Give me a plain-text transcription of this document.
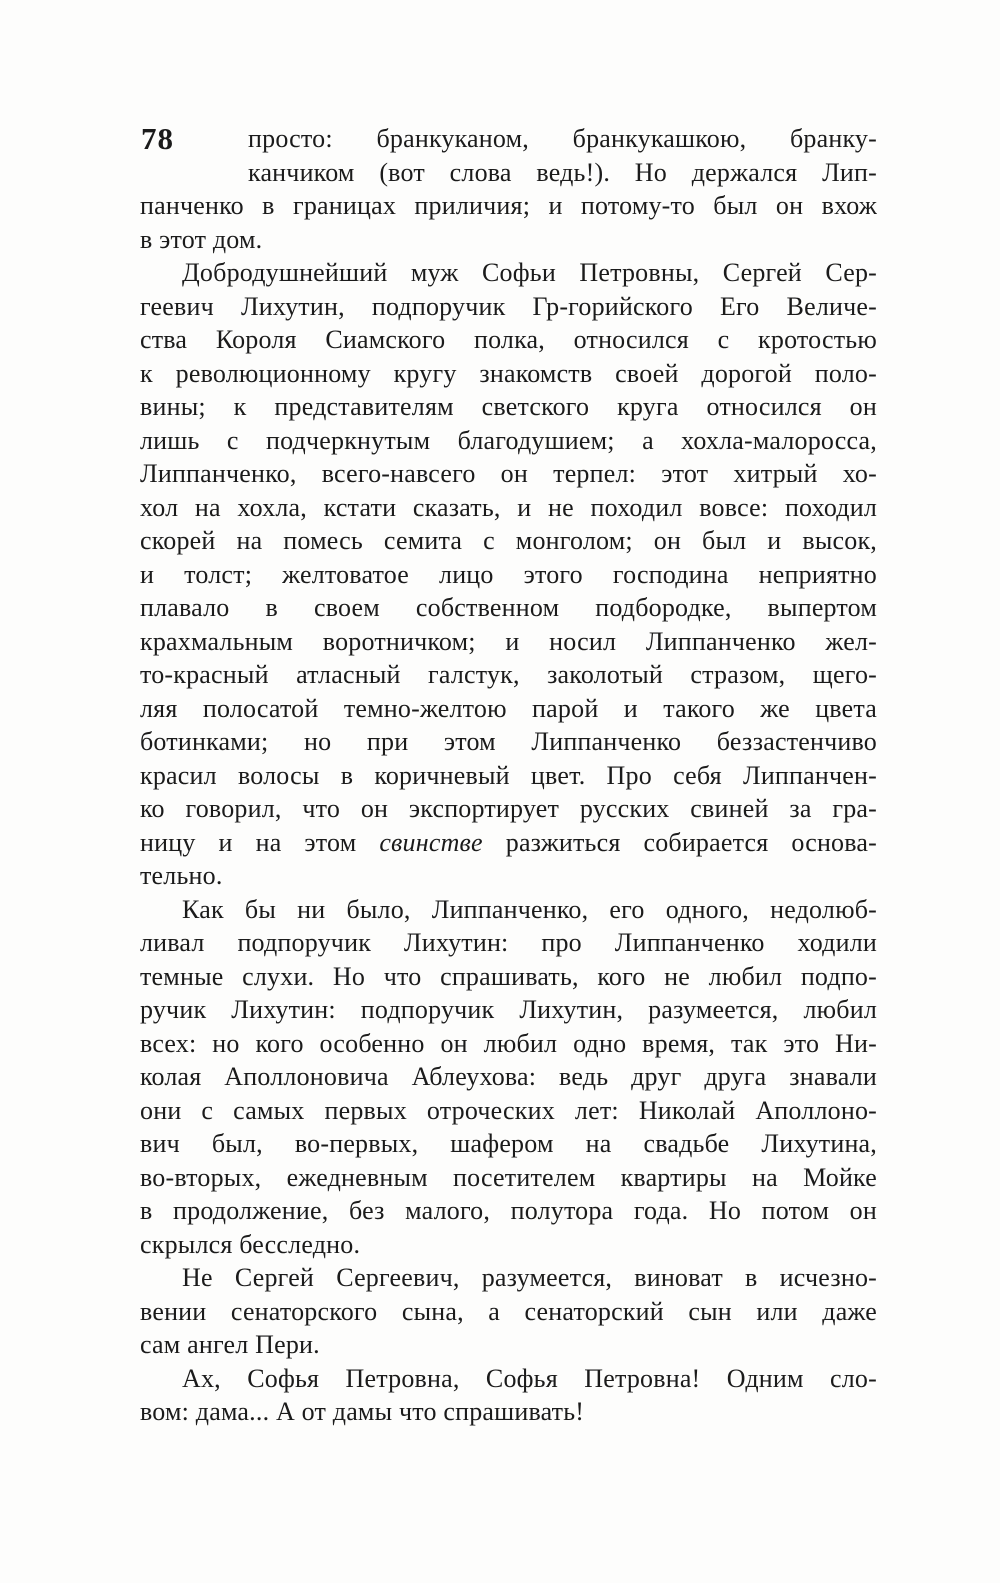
78	просто: бранкуканом, бранкукашкою, бранку-
канчиком (вот слова ведь!). Но держался Лип-
панченко в границах приличия; и потому-то был он вхож
в этот дом.
Добродушнейший муж Софьи Петровны, Сергей Сер-
геевич Лихутин, подпоручик Гр-горийского Его Величе-
ства Короля Сиамского полка, относился с кротостью
к революционному кругу знакомств своей дорогой поло-
вины; к представителям светского круга относился он
лишь с подчеркнутым благодушием; а хохла-малоросса,
Липпанченко, всего-навсего он терпел: этот хитрый хо-
хол на хохла, кстати сказать, и не походил вовсе: походил
скорей на помесь семита с монголом; он был и высок,
и толст; желтоватое лицо этого господина неприятно
плавало в своем собственном подбородке, выпертом
крахмальным воротничком; и носил Липпанченко жел-
то-красный атласный галстук, заколотый стразом, щего-
ляя полосатой темно-желтою парой и такого же цвета
ботинками; но при этом Липпанченко беззастенчиво
красил волосы в коричневый цвет. Про себя Липпанчен-
ко говорил, что он экспортирует русских свиней за гра-
ницу и на этом свинстве разжиться собирается основа-
тельно.
Как бы ни было, Липпанченко, его одного, недолюб-
ливал подпоручик Лихутин: про Липпанченко ходили
темные слухи. Но что спрашивать, кого не любил подпо-
ручик Лихутин: подпоручик Лихутин, разумеется, любил
всех: но кого особенно он любил одно время, так это Ни-
колая Аполлоновича Аблеухова: ведь друг друга знавали
они с самых первых отроческих лет: Николай Аполлоно-
вич был, во-первых, шафером на свадьбе Лихутина,
во-вторых, ежедневным посетителем квартиры на Мойке
в продолжение, без малого, полутора года. Но потом он
скрылся бесследно.
Не Сергей Сергеевич, разумеется, виноват в исчезно-
вении сенаторского сына, а сенаторский сын или даже
сам ангел Пери.
Ах, Софья Петровна, Софья Петровна! Одним сло-
вом: дама... А от дамы что спрашивать!
